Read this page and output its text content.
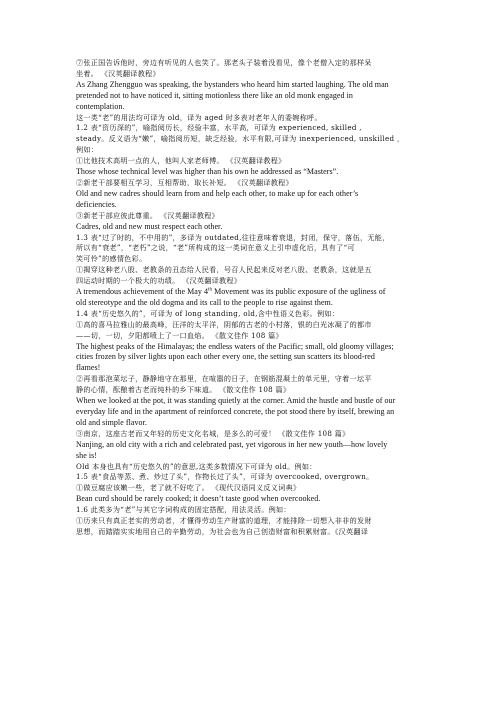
⑦张正国告诉他时，旁边有听见的人也笑了。那老头子装着没看见，像个老僧入定的那样呆
坐着。 《汉英翻译教程》
As Zhang Zhengguo was speaking, the bystanders who heard him started laughing. The old man
pretended not to have noticed it, sitting motionless there like an old monk engaged in
contemplation.
这一类“老”的用法均可译为 old，译为 aged 时多表对老年人的委婉称呼。
1.2 表“资历深的”，喻指阅历长，经验丰富，水平高，可译为 experienced, skilled ,
steady。反义语为“嫩”，喻指阅历短，缺乏经验，水平有限,可译为 inexperienced, unskilled ，
例如：
①比他技术高明一点的人，他叫人家老师傅。 《汉英翻译教程》
Those whose technical level was higher than his own he addressed as “Masters”.
②新老干部要相互学习，互相帮助，取长补短。 《汉英翻译教程》
Old and new cadres should learn from and help each other, to make up for each other’s
deficiencies.
③新老干部应彼此尊重。 《汉英翻译教程》
Cadres, old and new must respect each other.
1.3 表“过了时的，不中用的”，多译为 outdated,往往意味着衰退，封闭，保守，落伍，无能，
所以有“衰老”，“老朽”之说，“老”所构成的这一类词在意义上引申虚化后，具有了“可
笑可怜”的感情色彩。
①揭穿这种老八股、老教条的丑态给人民看，号召人民起来反对老八股、老教条，这就是五
四运动时期的一个极大的功绩。 《汉英翻译教程》
A tremendous achievement of the May 4th Movement was its public exposure of the ugliness of
old stereotype and the old dogma and its call to the people to rise against them.
1.4 表“历史悠久的”，可译为 of long standing, old,含中性语义色彩。例如：
①高的喜马拉雅山的最高峰，汪洋的太平洋，阴郁的古老的小村落，银的白光冰凝了的都市
——切，一切，夕阳都喷上了一口血焰。 《散文佳作 108 篇》
The highest peaks of the Himalayas; the endless waters of the Pacific; small, old gloomy villages;
cities frozen by silver lights upon each other every one, the setting sun scatters its blood-red
flames!
②再看那泡菜坛子，静静地守在那里，在喧嚣的日子，在钢筋混凝土的单元里，守着一坛平
静的心情，酝酿着古老而纯朴的乡下味道。 《散文佳作 108 篇》
When we looked at the pot, it was standing quietly at the corner. Amid the hustle and bustle of our
everyday life and in the apartment of reinforced concrete, the pot stood there by itself, brewing an
old and simple flavor.
③南京，这座古老而又年轻的历史文化名城，是多么的可爱！ 《散文佳作 108 篇》
Nanjing, an old city with a rich and celebrated past, yet vigorous in her new youth—how lovely
she is!
Old 本身也具有“历史悠久的”的意思,这类多数情况下可译为 old。例如：
1.5 表“食品等蒸、煮、炒过了头”，作物长过了头”，可译为 overcooked, overgrown。
①做豆腐应该嫩一些，老了就不好吃了。 《现代汉语同义反义词典》
Bean curd should be rarely cooked; it doesn’t taste good when overcooked.
1.6 此类多为“老”与其它字词构成的固定搭配，用法灵活。例如：
①历来只有真正老实的劳动者，才懂得劳动生产财富的道理，才能排除一切想入非非的发财
思想，而踏踏实实地用自己的辛勤劳动，为社会也为自己创造财富和积累财富。《汉英翻译
